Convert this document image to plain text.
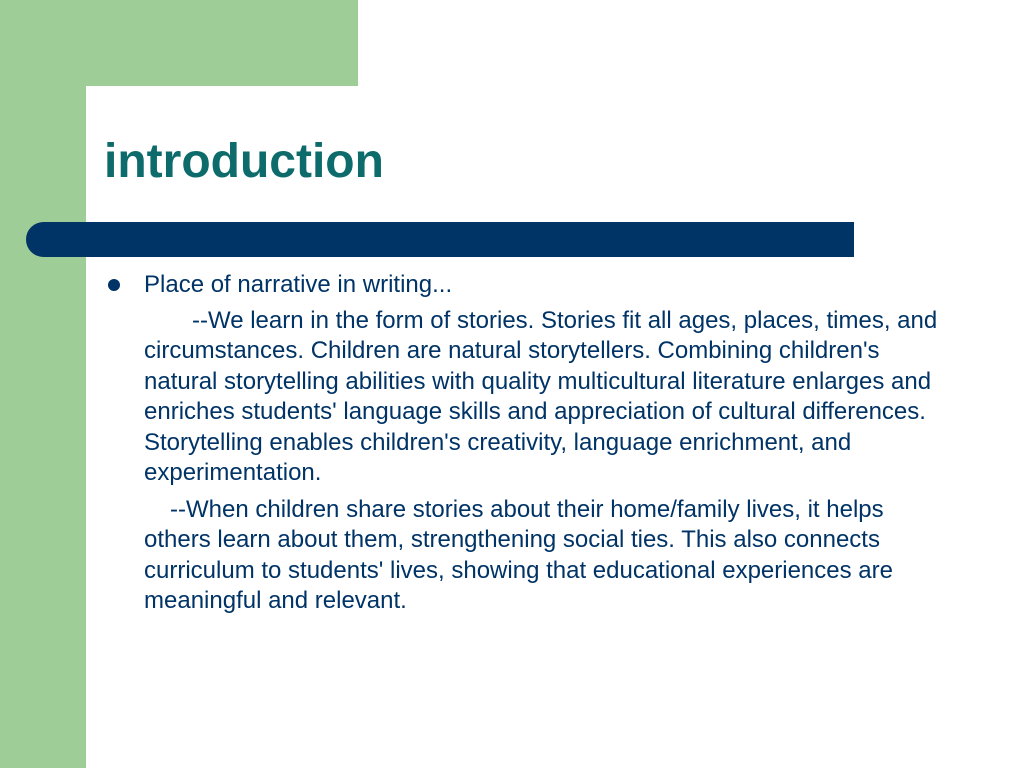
introduction
Place of narrative in writing...

--We learn in the form of stories. Stories fit all ages, places, times, and circumstances. Children are natural storytellers. Combining children's natural storytelling abilities with quality multicultural literature enlarges and enriches students' language skills and appreciation of cultural differences. Storytelling enables children's creativity, language enrichment, and experimentation.

--When children share stories about their home/family lives, it helps others learn about them, strengthening social ties. This also connects curriculum to students' lives, showing that educational experiences are meaningful and relevant.
